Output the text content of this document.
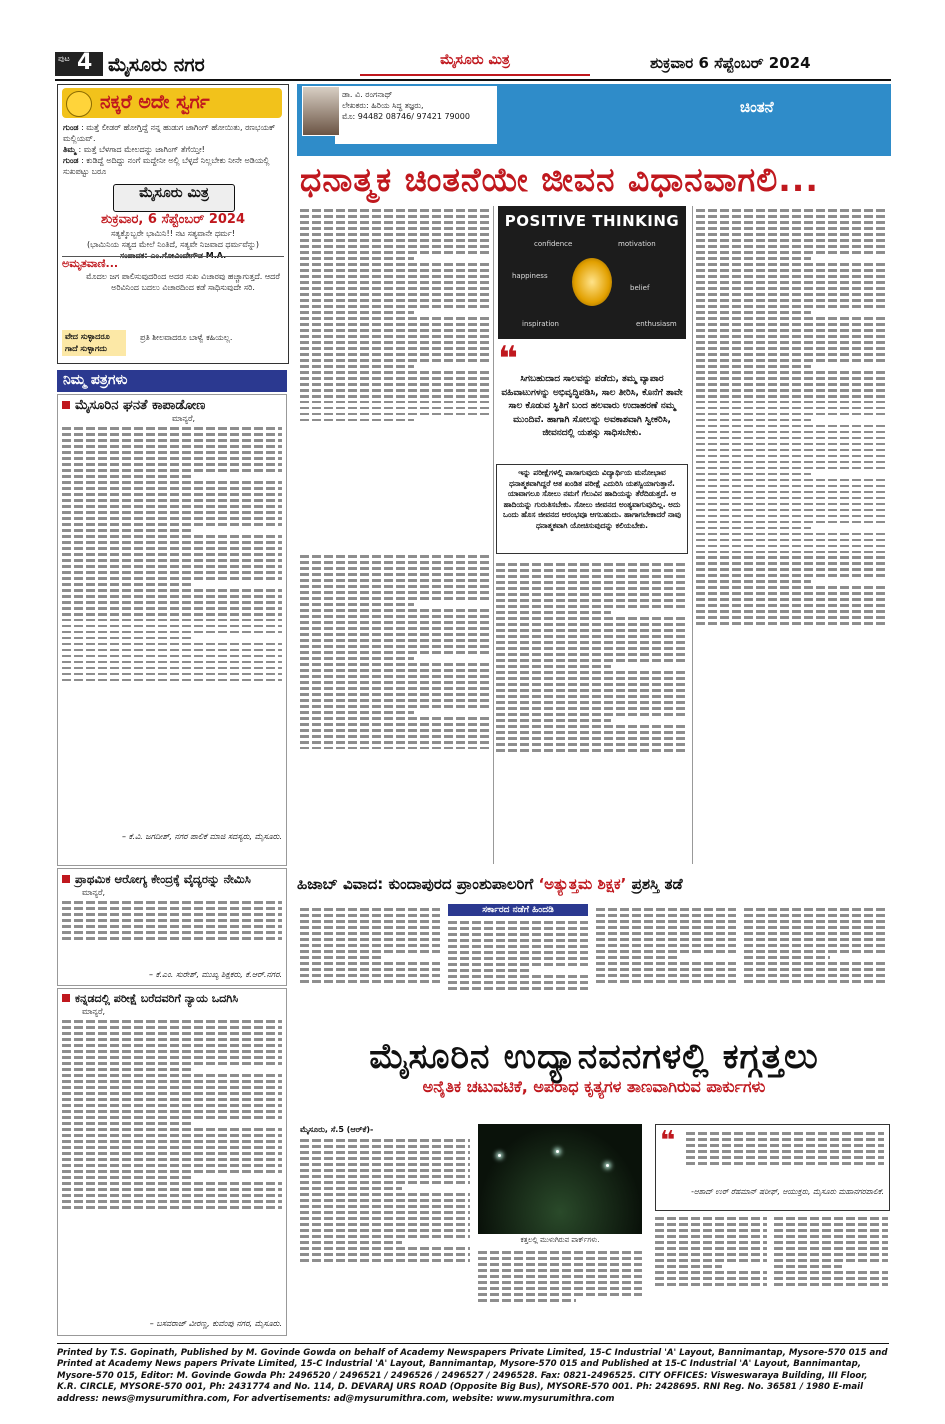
ಪುಟ 4 ಮೈಸೂರು ನಗರ	ಮೈಸೂರು ಮಿತ್ರ	ಶುಕ್ರವಾರ 6 ಸೆಪ್ಟೆಂಬರ್ 2024
ನಕ್ಕರೆ ಅದೇ ಸ್ವರ್ಗ
ಗುಂಡ : ಮತ್ತೆ ಲೀಡರ್ ಹೋಗ್ತಿದ್ದೆ ನನ್ನ ಹುಡುಗ ಜಾಗಿಂಗ್ ಹೋಯಿತು, ರಣಭಯಕ್ ಮಲ್ಲಿಯವ್.
ತಿಮ್ಮ : ಮತ್ತೆ ಬೆಳಗಾದ ಮೇಲದನ್ನು ಜಾಗಿಂಗ್ ತೆಗೆಯ್ತೀ!
ಗುಂಡ : ಕುಡಿದ್ದೆ ಅದಿದ್ದು ನಂಗೆ ಮದ್ದೇನೀ ಅಲ್ಲಿ ಬೆಳ್ಳದೆ ನಿಲ್ಲಬೇಕು ನೀನೇ ಅಡಿಯಲ್ಲಿ ಸುಖಪಟ್ಟು ಬರೂ
ಮೈಸೂರು ಮಿತ್ರ
ಶುಕ್ರವಾರ, 6 ಸೆಪ್ಟೆಂಬರ್ 2024
ಸತ್ಯಕ್ಕೊಬ್ಬರೇ ಭಾಮಿನಿ!! ನಟ ಸತ್ಯವಾನೇ ಧರ್ಮ!
(ಭಾಮಿನಿಯ ಸತ್ಯದ ಮೇಲೆ ನಿಂತಿದೆ, ಸತ್ಯವೇ ನಿಜವಾದ ಧರ್ಮವೆನ್ನು)
ಸಂಪಾದಕ: ಎಂ.ಗೋವಿಂದೇಗೌಡ M.A.
ಅಮೃತವಾಣಿ...
ಮೊದಲ ಜಗ ಪಾಲಿಸುವುದರಿಂದ ಅದರ ಸುಖ ವಿಚಾರವು ಹಚ್ಚಾಗುತ್ತದೆ. ಆದರೆ ಅರಿವಿನಿಂದ ಬದಲು ವಿಚಾರದಿಂದ ಕಡೆ ಸಾಧಿಸುವುದೇ ಸರಿ.
ವೇದ ಸುಳ್ಳಾದರೂ ಗಾದೆ ಸುಳ್ಳಾಗದು
ಪ್ರತಿ ಶೀಲವಾದರೂ ಬಾಳ್ವೆ ಕಹಿಯಲ್ಲ.
ನಿಮ್ಮ ಪತ್ರಗಳು
ಮೈಸೂರಿನ ಘನತೆ ಕಾಪಾಡೋಣ
ಮಾನ್ಯರೆ,
– ಕೆ.ವಿ. ಜಗದೀಶ್, ನಗರ ಪಾಲಿಕೆ ಮಾಜಿ ಸದಸ್ಯರು, ಮೈಸೂರು.
ಪ್ರಾಥಮಿಕ ಆರೋಗ್ಯ ಕೇಂದ್ರಕ್ಕೆ ವೈದ್ಯರನ್ನು ನೇಮಿಸಿ
ಮಾನ್ಯರೆ,
– ಕೆ.ಎಂ. ಸುರೇಶ್, ಮುಖ್ಯ ಶಿಕ್ಷಕರು, ಕೆ.ಆರ್.ನಗರ.
ಕನ್ನಡದಲ್ಲಿ ಪರೀಕ್ಷೆ ಬರೆದವರಿಗೆ ನ್ಯಾಯ ಒದಗಿಸಿ
ಮಾನ್ಯರೆ,
– ಬಸವರಾಜ್ ವೀರಣ್ಣ, ಕುವೆಂಪು ನಗರ, ಮೈಸೂರು.
ಡಾ. ವಿ. ರಂಗನಾಥ್
ಲೇಖಕರು: ಹಿರಿಯ ಸಿದ್ಧ ತಜ್ಞರು,
ಮೊ: 94482 08746/ 97421 79000
ಚಿಂತನೆ
ಧನಾತ್ಮಕ ಚಿಂತನೆಯೇ ಜೀವನ ವಿಧಾನವಾಗಲಿ...
POSITIVE THINKING
confidence	motivation
happiness
belief
inspiration	enthusiasm
❝ ಸಿಗಬಹುದಾದ ಸಾಲವನ್ನು ಪಡೆದು, ತಮ್ಮ ವ್ಯಾಪಾರ ವಹಿವಾಟುಗಳನ್ನು ಅಭಿವೃದ್ಧಿಪಡಿಸಿ, ಸಾಲ ತೀರಿಸಿ, ಕೊನೆಗೆ ತಾವೇ ಸಾಲ ಕೊಡುವ ಸ್ಥಿತಿಗೆ ಬಂದ ಹಲವಾರು ಉದಾಹರಣೆ ನಮ್ಮ ಮುಂದಿವೆ. ಹಾಗಾಗಿ ಸೋಲನ್ನು ಅವಕಾಶವಾಗಿ ಸ್ವೀಕರಿಸಿ, ಜೀವನದಲ್ಲಿ ಯಶಸ್ಸು ಸಾಧಿಸಬೇಕು.
ಇನ್ನು ಪರೀಕ್ಷೆಗಳಲ್ಲಿ ಪಾಸಾಗುವುದು ವಿದ್ಯಾರ್ಥಿಯ ಮನೋಭಾವ ಧನಾತ್ಮಕವಾಗಿದ್ದರೆ ಆತ ಖಂಡಿತ ಪರೀಕ್ಷೆ ಎದುರಿಸಿ ಯಶಸ್ವಿಯಾಗುತ್ತಾನೆ. ಯಾವಾಗಲೂ ಸೋಲು ನಮಗೆ ಗೆಲುವಿನ ಹಾದಿಯನ್ನು ತೆರೆದಿಡುತ್ತದೆ. ಆ ಹಾದಿಯನ್ನು ಗುರುತಿಸಬೇಕು. ಸೋಲು ಜೀವನದ ಅಂತ್ಯವಾಗುವುದಿಲ್ಲ. ಅದು ಒಂದು ಹೊಸ ಜೀವನದ ಆರಂಭವೂ ಆಗಬಹುದು. ಹಾಗಾಗಬೇಕಾದರೆ ನಾವು ಧನಾತ್ಮಕವಾಗಿ ಯೋಚಿಸುವುದನ್ನು ಕಲಿಯಬೇಕು.
ಹಿಜಾಬ್ ವಿವಾದ: ಕುಂದಾಪುರದ ಪ್ರಾಂಶುಪಾಲರಿಗೆ ‘ಅತ್ಯುತ್ತಮ ಶಿಕ್ಷಕ’ ಪ್ರಶಸ್ತಿ ತಡೆ
ಸರ್ಕಾರದ ನಡೆಗೆ ಹಿಂದಡಿ
ಮೈಸೂರಿನ ಉದ್ಯಾನವನಗಳಲ್ಲಿ ಕಗ್ಗತ್ತಲು
ಅನೈತಿಕ ಚಟುವಟಿಕೆ, ಅಪರಾಧ ಕೃತ್ಯಗಳ ತಾಣವಾಗಿರುವ ಪಾರ್ಕುಗಳು
ಮೈಸೂರು, ಸೆ.5 (ಆರ್‌ಕೆ)-
ಕತ್ತಲಲ್ಲಿ ಮುಳುಗಿರುವ ಪಾರ್ಕ್‌ಗಳು.
❝
-ಆಶಾದ್ ಉರ್ ರೆಹಮಾನ್ ಷರೀಫ್, ಆಯುಕ್ತರು, ಮೈಸೂರು ಮಹಾನಗರಪಾಲಿಕೆ.
Printed by T.S. Gopinath, Published by M. Govinde Gowda on behalf of Academy Newspapers Private Limited, 15-C Industrial 'A' Layout, Bannimantap, Mysore-570 015 and Printed at Academy News papers Private Limited, 15-C Industrial 'A' Layout, Bannimantap, Mysore-570 015 and Published at 15-C Industrial 'A' Layout, Bannimantap, Mysore-570 015, Editor: M. Govinde Gowda Ph: 2496520 / 2496521 / 2496526 / 2496527 / 2496528. Fax: 0821-2496525. CITY OFFICES: Visweswaraya Building, III Floor, K.R. CIRCLE, MYSORE-570 001, Ph: 2431774 and No. 114, D. DEVARAJ URS ROAD (Opposite Big Bus), MYSORE-570 001. Ph: 2428695. RNI Reg. No. 36581 / 1980 E-mail address: news@mysurumithra.com, For advertisements: ad@mysurumithra.com, website: www.mysurumithra.com
